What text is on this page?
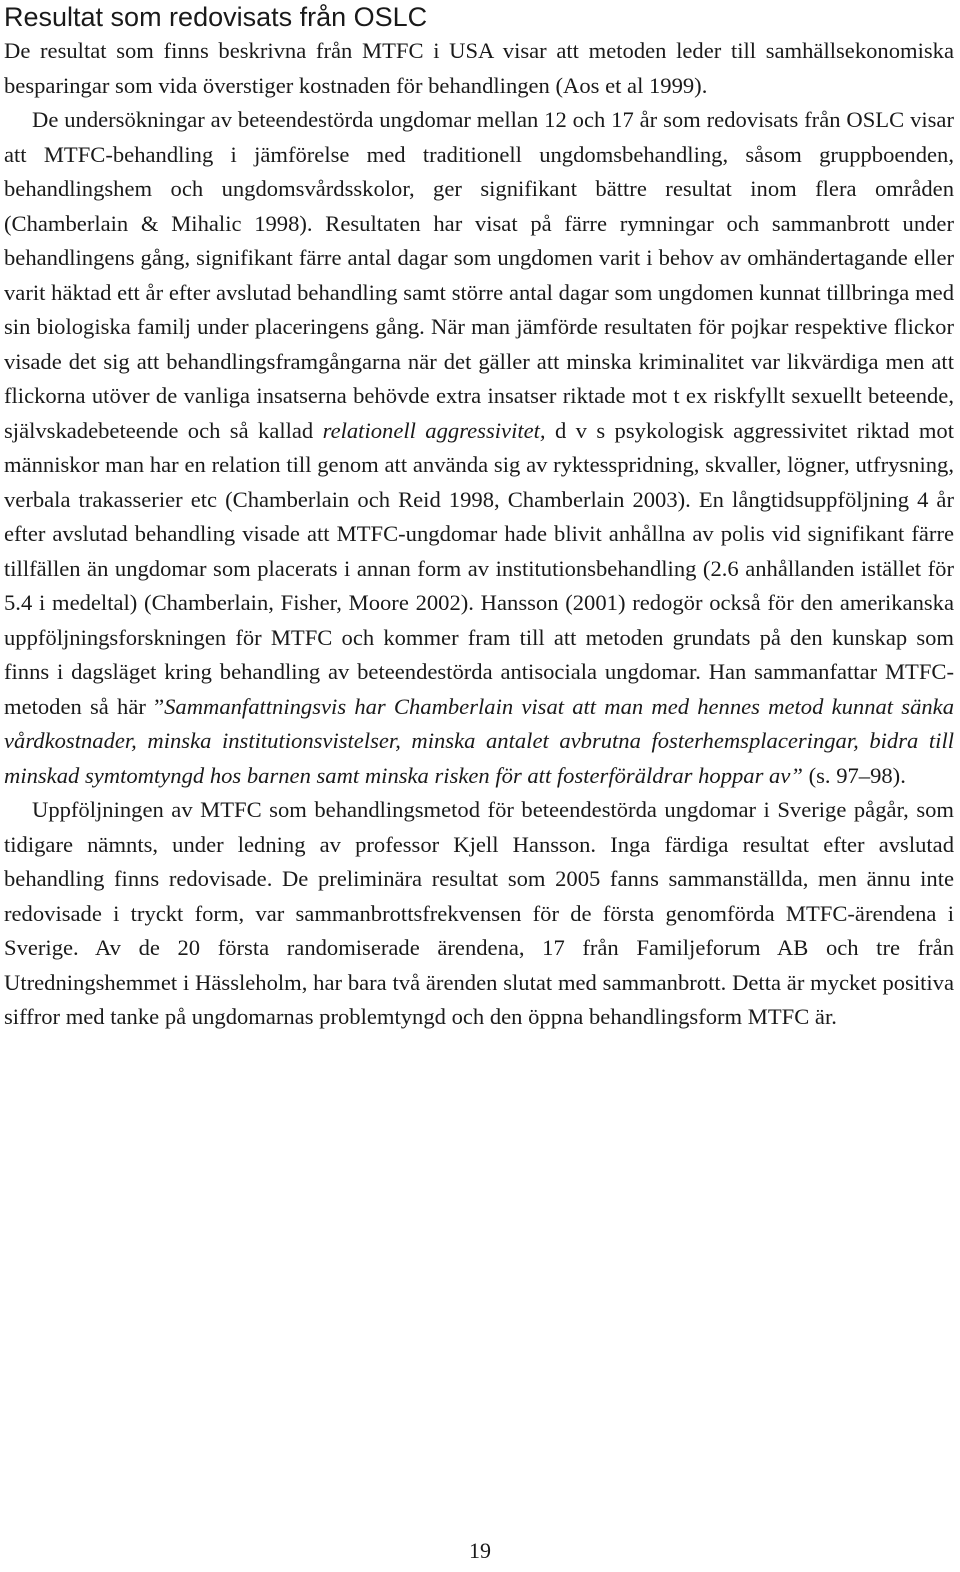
Resultat som redovisats från OSLC

De resultat som finns beskrivna från MTFC i USA visar att metoden leder till samhällsekonomiska besparingar som vida överstiger kostnaden för behandlingen (Aos et al 1999).

De undersökningar av beteendestörda ungdomar mellan 12 och 17 år som redovisats från OSLC visar att MTFC-behandling i jämförelse med traditionell ungdomsbehandling, såsom gruppboenden, behandlingshem och ungdomsvårdsskolor, ger signifikant bättre resultat inom flera områden (Chamberlain & Mihalic 1998). Resultaten har visat på färre rymningar och sammanbrott under behandlingens gång, signifikant färre antal dagar som ungdomen varit i behov av omhändertagande eller varit häktad ett år efter avslutad behandling samt större antal dagar som ungdomen kunnat tillbringa med sin biologiska familj under placeringens gång. När man jämförde resultaten för pojkar respektive flickor visade det sig att behandlingsframgångarna när det gäller att minska kriminalitet var likvärdiga men att flickorna utöver de vanliga insatserna behövde extra insatser riktade mot t ex riskfyllt sexuellt beteende, självskadebeteende och så kallad relationell aggressivitet, d v s psykologisk aggressivitet riktad mot människor man har en relation till genom att använda sig av ryktesspridning, skvaller, lögner, utfrysning, verbala trakasserier etc (Chamberlain och Reid 1998, Chamberlain 2003). En långtidsuppföljning 4 år efter avslutad behandling visade att MTFC-ungdomar hade blivit anhållna av polis vid signifikant färre tillfällen än ungdomar som placerats i annan form av institutionsbehandling (2.6 anhållanden istället för 5.4 i medeltal) (Chamberlain, Fisher, Moore 2002). Hansson (2001) redogör också för den amerikanska uppföljningsforskningen för MTFC och kommer fram till att metoden grundats på den kunskap som finns i dagsläget kring behandling av beteendestörda antisociala ungdomar. Han sammanfattar MTFC-metoden så här ”Sammanfattningsvis har Chamberlain visat att man med hennes metod kunnat sänka vårdkostnader, minska institutionsvistelser, minska antalet avbrutna fosterhemsplaceringar, bidra till minskad symtomtyngd hos barnen samt minska risken för att fosterföräldrar hoppar av” (s. 97–98).

Uppföljningen av MTFC som behandlingsmetod för beteendestörda ungdomar i Sverige pågår, som tidigare nämnts, under ledning av professor Kjell Hansson. Inga färdiga resultat efter avslutad behandling finns redovisade. De preliminära resultat som 2005 fanns sammanställda, men ännu inte redovisade i tryckt form, var sammanbrottsfrekvensen för de första genomförda MTFC-ärendena i Sverige. Av de 20 första randomiserade ärendena, 17 från Familjeforum AB och tre från Utredningshemmet i Hässleholm, har bara två ärenden slutat med sammanbrott. Detta är mycket positiva siffror med tanke på ungdomarnas problemtyngd och den öppna behandlingsform MTFC är.

19
